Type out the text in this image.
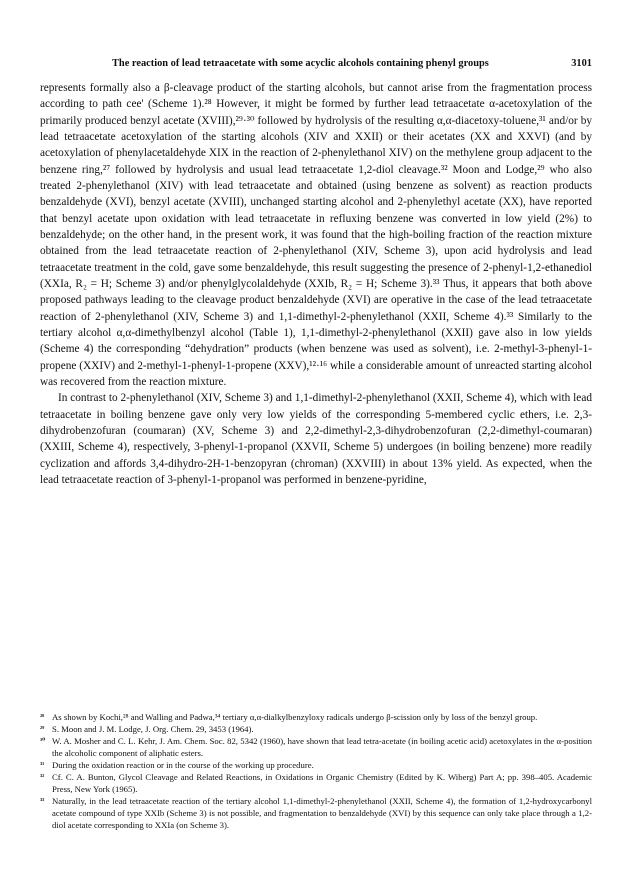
The reaction of lead tetraacetate with some acyclic alcohols containing phenyl groups	3101

represents formally also a β-cleavage product of the starting alcohols, but cannot arise from the fragmentation process according to path cee' (Scheme 1).²⁸ However, it might be formed by further lead tetraacetate α-acetoxylation of the primarily produced benzyl acetate (XVIII),²⁹·³⁰ followed by hydrolysis of the resulting α,α-diacetoxy-toluene,³¹ and/or by lead tetraacetate acetoxylation of the starting alcohols (XIV and XXII) or their acetates (XX and XXVI) (and by acetoxylation of phenylacetaldehyde XIX in the reaction of 2-phenylethanol XIV) on the methylene group adjacent to the benzene ring,²⁷ followed by hydrolysis and usual lead tetraacetate 1,2-diol cleavage.³² Moon and Lodge,²⁹ who also treated 2-phenylethanol (XIV) with lead tetraacetate and obtained (using benzene as solvent) as reaction products benzaldehyde (XVI), benzyl acetate (XVIII), unchanged starting alcohol and 2-phenylethyl acetate (XX), have reported that benzyl acetate upon oxidation with lead tetraacetate in refluxing benzene was converted in low yield (2%) to benzaldehyde; on the other hand, in the present work, it was found that the high-boiling fraction of the reaction mixture obtained from the lead tetraacetate reaction of 2-phenylethanol (XIV, Scheme 3), upon acid hydrolysis and lead tetraacetate treatment in the cold, gave some benzaldehyde, this result suggesting the presence of 2-phenyl-1,2-ethanediol (XXIa, R₂ = H; Scheme 3) and/or phenylglycolaldehyde (XXIb, R₂ = H; Scheme 3).³³ Thus, it appears that both above proposed pathways leading to the cleavage product benzaldehyde (XVI) are operative in the case of the lead tetraacetate reaction of 2-phenylethanol (XIV, Scheme 3) and 1,1-dimethyl-2-phenylethanol (XXII, Scheme 4).³³ Similarly to the tertiary alcohol α,α-dimethylbenzyl alcohol (Table 1), 1,1-dimethyl-2-phenylethanol (XXII) gave also in low yields (Scheme 4) the corresponding “dehydration” products (when benzene was used as solvent), i.e. 2-methyl-3-phenyl-1-propene (XXIV) and 2-methyl-1-phenyl-1-propene (XXV),¹²·¹⁶ while a considerable amount of unreacted starting alcohol was recovered from the reaction mixture.

In contrast to 2-phenylethanol (XIV, Scheme 3) and 1,1-dimethyl-2-phenylethanol (XXII, Scheme 4), which with lead tetraacetate in boiling benzene gave only very low yields of the corresponding 5-membered cyclic ethers, i.e. 2,3-dihydrobenzofuran (coumaran) (XV, Scheme 3) and 2,2-dimethyl-2,3-dihydrobenzofuran (2,2-dimethyl-coumaran) (XXIII, Scheme 4), respectively, 3-phenyl-1-propanol (XXVII, Scheme 5) undergoes (in boiling benzene) more readily cyclization and affords 3,4-dihydro-2H-1-benzopyran (chroman) (XXVIII) in about 13% yield. As expected, when the lead tetraacetate reaction of 3-phenyl-1-propanol was performed in benzene-pyridine,

²⁸ As shown by Kochi,²⁸ and Walling and Padwa,³⁴ tertiary α,α-dialkylbenzyloxy radicals undergo β-scission only by loss of the benzyl group.
²⁹ S. Moon and J. M. Lodge, J. Org. Chem. 29, 3453 (1964).
³⁰ W. A. Mosher and C. L. Kehr, J. Am. Chem. Soc. 82, 5342 (1960), have shown that lead tetra-acetate (in boiling acetic acid) acetoxylates in the α-position the alcoholic component of aliphatic esters.
³¹ During the oxidation reaction or in the course of the working up procedure.
³² Cf. C. A. Bunton, Glycol Cleavage and Related Reactions, in Oxidations in Organic Chemistry (Edited by K. Wiberg) Part A; pp. 398–405. Academic Press, New York (1965).
³³ Naturally, in the lead tetraacetate reaction of the tertiary alcohol 1,1-dimethyl-2-phenylethanol (XXII, Scheme 4), the formation of 1,2-hydroxycarbonyl acetate compound of type XXIb (Scheme 3) is not possible, and fragmentation to benzaldehyde (XVI) by this sequence can only take place through a 1,2-diol acetate corresponding to XXIa (on Scheme 3).
